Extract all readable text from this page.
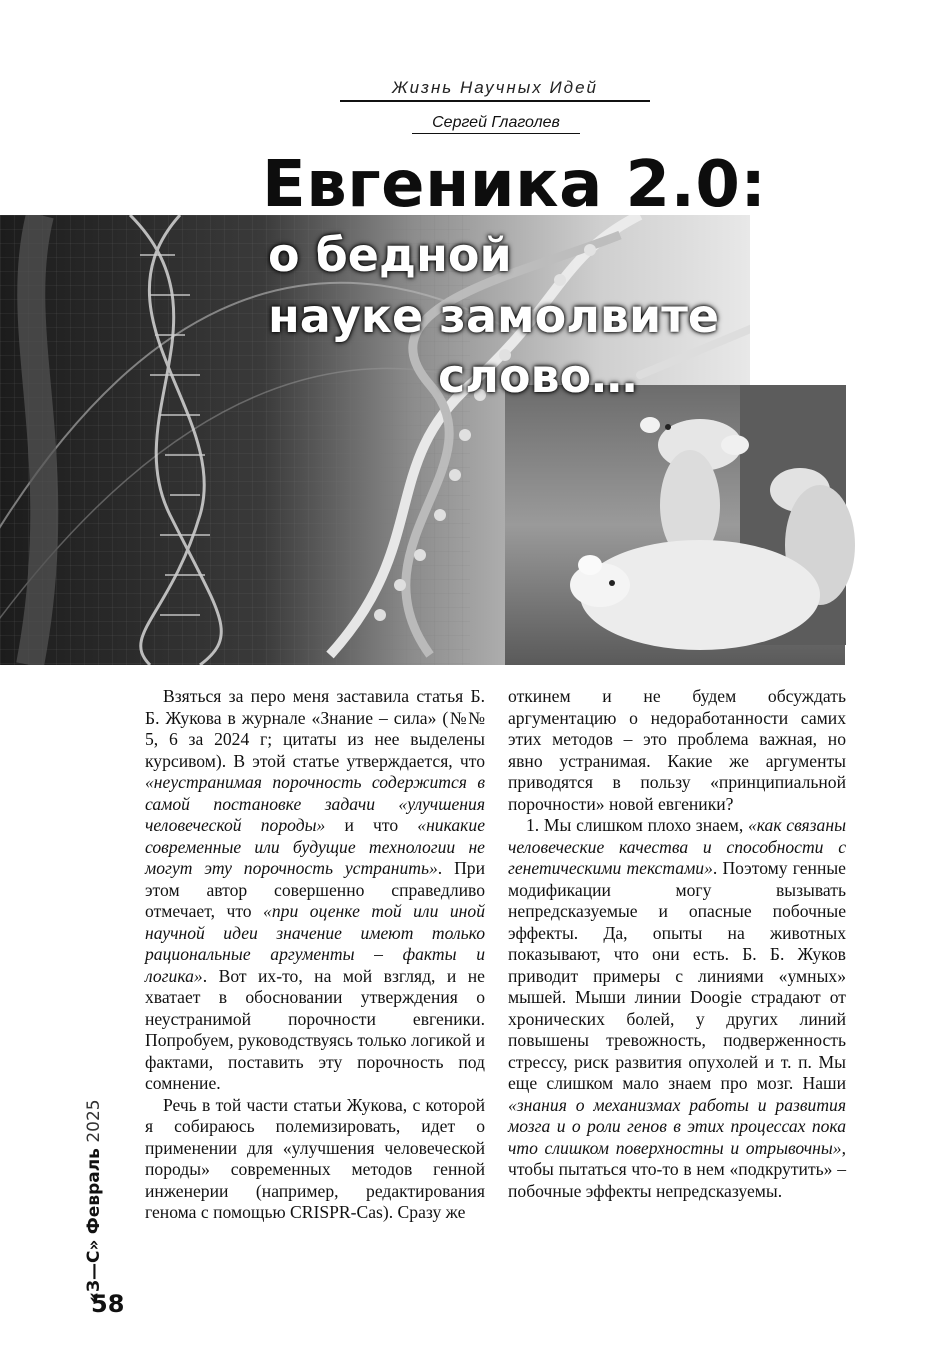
Жизнь Научных Идей
Сергей Глаголев
Евгеника 2.0:
о бедной
науке замолвите
слово…

Взяться за перо меня заставила статья Б. Б. Жукова в журнале «Знание – сила» (№№ 5, 6 за 2024 г; цитаты из нее выделены курсивом). В этой статье утверждается, что «неустранимая порочность содержится в самой постановке задачи «улучшения человеческой породы» и что «никакие современные или будущие технологии не могут эту порочность устранить». При этом автор совершенно справедливо отмечает, что «при оценке той или иной научной идеи значение имеют только рациональные аргументы – факты и логика». Вот их-то, на мой взгляд, и не хватает в обосновании утверждения о неустранимой порочности евгеники. Попробуем, руководствуясь только логикой и фактами, поставить эту порочность под сомнение.

Речь в той части статьи Жукова, с которой я собираюсь полемизировать, идет о применении для «улучшения человеческой породы» современных методов генной инженерии (например, редактирования генома с помощью CRISPR-Cas). Сразу же

откинем и не будем обсуждать аргументацию о недоработанности самих этих методов – это проблема важная, но явно устранимая. Какие же аргументы приводятся в пользу «принципиальной порочности» новой евгеники?

1. Мы слишком плохо знаем, «как связаны человеческие качества и способности с генетическими текстами». Поэтому генные модификации могу вызывать непредсказуемые и опасные побочные эффекты. Да, опыты на животных показывают, что они есть. Б. Б. Жуков приводит примеры с линиями «умных» мышей. Мыши линии Doogie страдают от хронических болей, у других линий повышены тревожность, подверженность стрессу, риск развития опухолей и т. п. Мы еще слишком мало знаем про мозг. Наши «знания о механизмах работы и развития мозга и о роли генов в этих процессах пока что слишком поверхностны и отрывочны», чтобы пытаться что-то в нем «подкрутить» – побочные эффекты непредсказуемы.

«З—С» Февраль 2025
58
